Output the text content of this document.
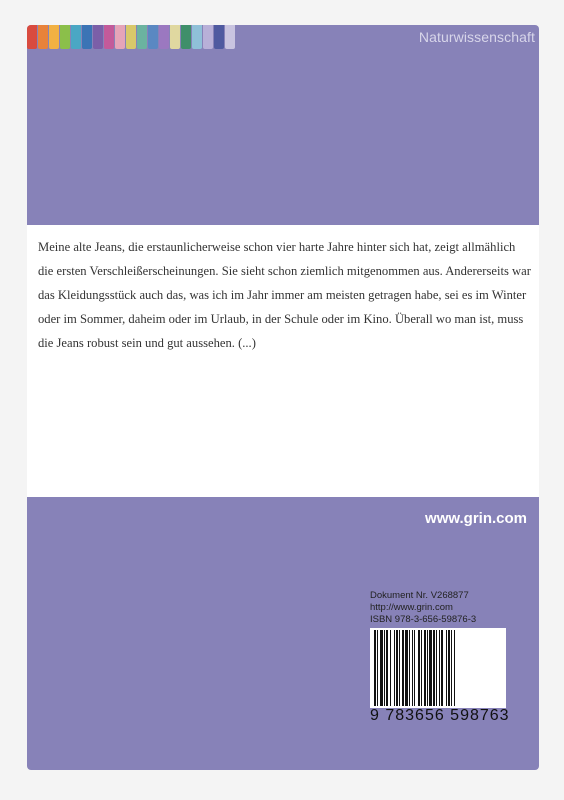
Naturwissenschaft
Meine alte Jeans, die erstaunlicherweise schon vier harte Jahre hinter sich hat, zeigt allmählich die ersten Verschleißerscheinungen. Sie sieht schon ziemlich mitgenommen aus. Andererseits war das Kleidungsstück auch das, was ich im Jahr immer am meisten getragen habe, sei es im Winter oder im Sommer, daheim oder im Urlaub, in der Schule oder im Kino. Überall wo man ist, muss die Jeans robust sein und gut aussehen. (...)
www.grin.com
Dokument Nr. V268877
http://www.grin.com
ISBN 978-3-656-59876-3
9 783656 598763
